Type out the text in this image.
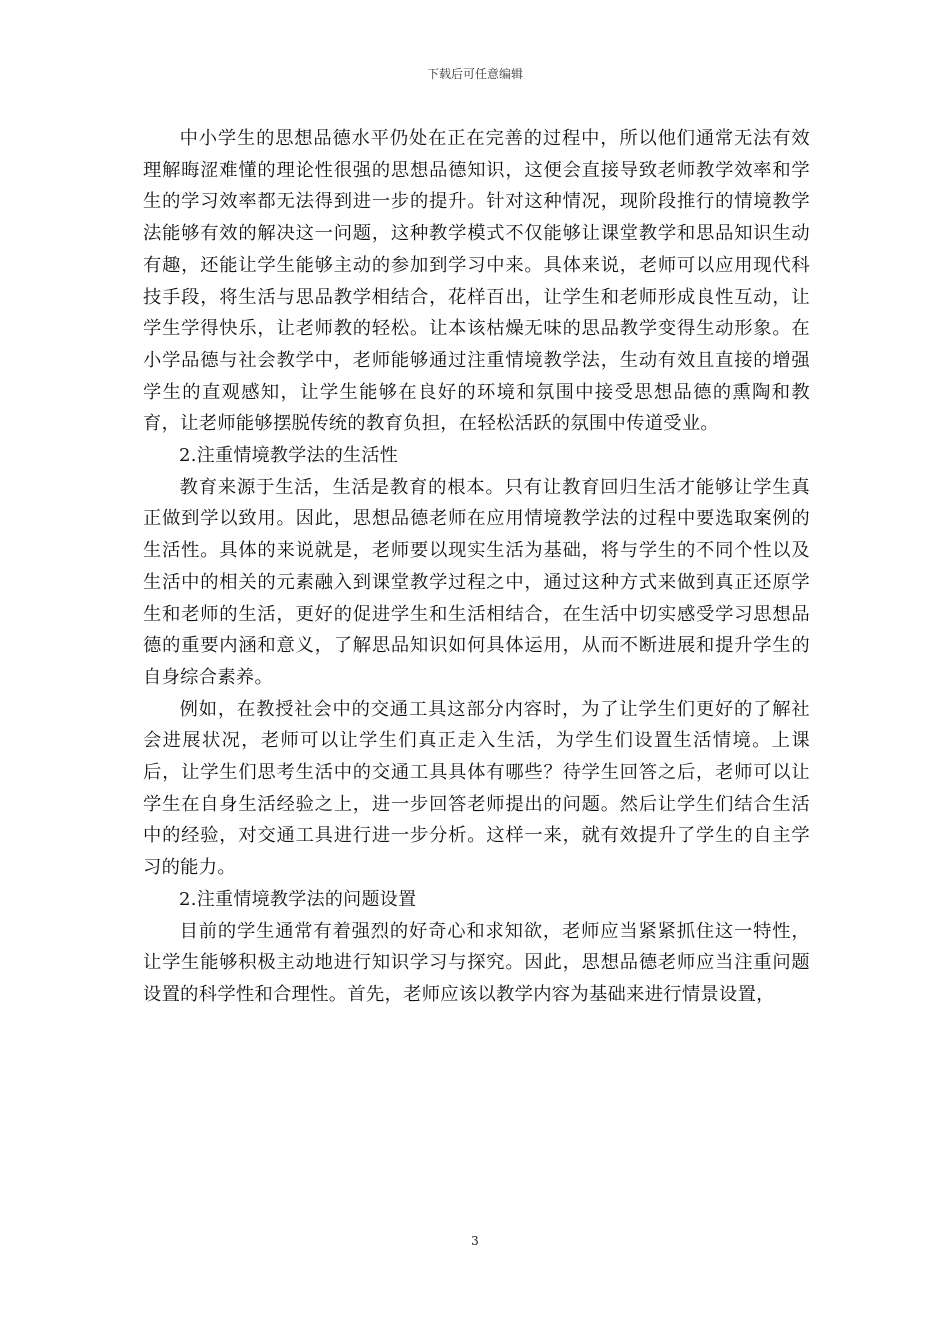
下载后可任意编辑

中小学生的思想品德水平仍处在正在完善的过程中，所以他们通常无法有效理解晦涩难懂的理论性很强的思想品德知识，这便会直接导致老师教学效率和学生的学习效率都无法得到进一步的提升。针对这种情况，现阶段推行的情境教学法能够有效的解决这一问题，这种教学模式不仅能够让课堂教学和思品知识生动有趣，还能让学生能够主动的参加到学习中来。具体来说，老师可以应用现代科技手段，将生活与思品教学相结合，花样百出，让学生和老师形成良性互动，让学生学得快乐，让老师教的轻松。让本该枯燥无味的思品教学变得生动形象。在小学品德与社会教学中，老师能够通过注重情境教学法，生动有效且直接的增强学生的直观感知，让学生能够在良好的环境和氛围中接受思想品德的熏陶和教育，让老师能够摆脱传统的教育负担，在轻松活跃的氛围中传道受业。

2.注重情境教学法的生活性

教育来源于生活，生活是教育的根本。只有让教育回归生活才能够让学生真正做到学以致用。因此，思想品德老师在应用情境教学法的过程中要选取案例的生活性。具体的来说就是，老师要以现实生活为基础，将与学生的不同个性以及生活中的相关的元素融入到课堂教学过程之中，通过这种方式来做到真正还原学生和老师的生活，更好的促进学生和生活相结合，在生活中切实感受学习思想品德的重要内涵和意义，了解思品知识如何具体运用，从而不断进展和提升学生的自身综合素养。

例如，在教授社会中的交通工具这部分内容时，为了让学生们更好的了解社会进展状况，老师可以让学生们真正走入生活，为学生们设置生活情境。上课后，让学生们思考生活中的交通工具具体有哪些？待学生回答之后，老师可以让学生在自身生活经验之上，进一步回答老师提出的问题。然后让学生们结合生活中的经验，对交通工具进行进一步分析。这样一来，就有效提升了学生的自主学习的能力。

2.注重情境教学法的问题设置

目前的学生通常有着强烈的好奇心和求知欲，老师应当紧紧抓住这一特性，让学生能够积极主动地进行知识学习与探究。因此，思想品德老师应当注重问题设置的科学性和合理性。首先，老师应该以教学内容为基础来进行情景设置，

3
